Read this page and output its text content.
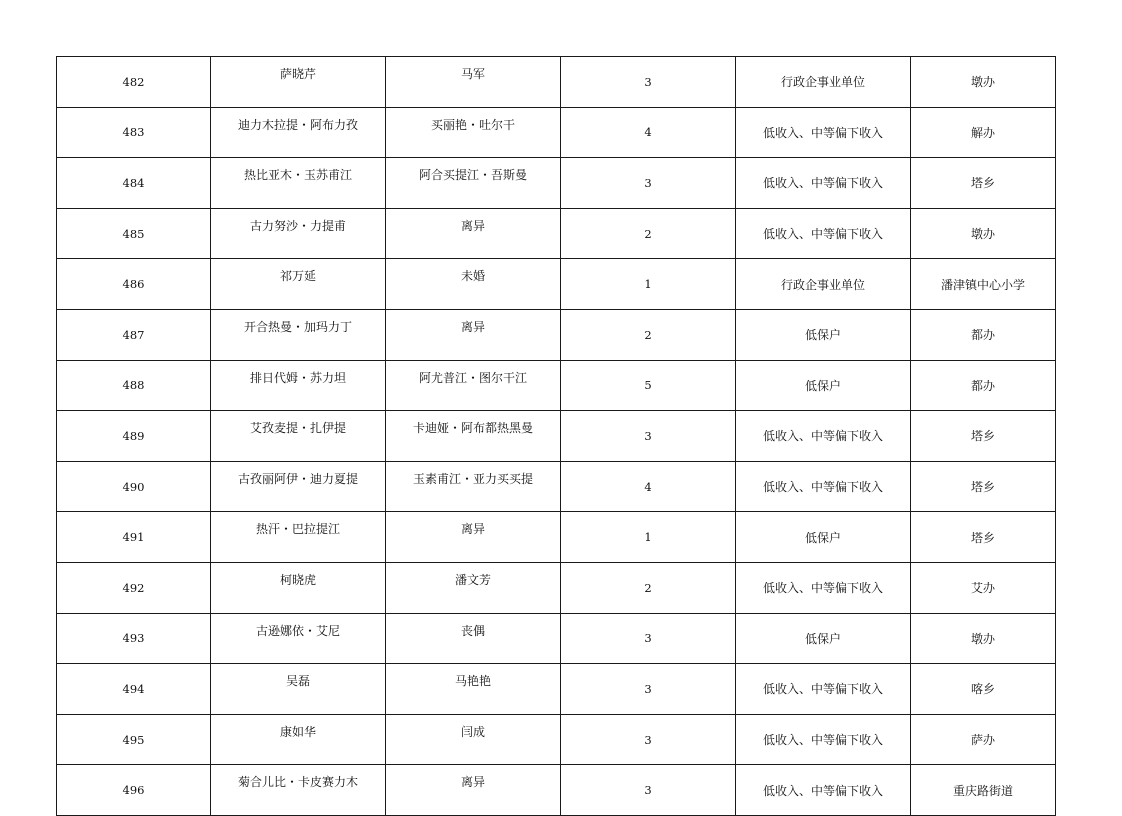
482	萨晓芹	马军	3	行政企事业单位	墩办
483	迪力木拉提・阿布力孜	买丽艳・吐尔干	4	低收入、中等偏下收入	解办
484	热比亚木・玉苏甫江	阿合买提江・吾斯曼	3	低收入、中等偏下收入	塔乡
485	古力努沙・力提甫	离异	2	低收入、中等偏下收入	墩办
486	祁万延	未婚	1	行政企事业单位	潘津镇中心小学
487	开合热曼・加玛力丁	离异	2	低保户	都办
488	排日代姆・苏力坦	阿尤普江・图尔干江	5	低保户	都办
489	艾孜麦提・扎伊提	卡迪娅・阿布都热黑曼	3	低收入、中等偏下收入	塔乡
490	古孜丽阿伊・迪力夏提	玉素甫江・亚力买买提	4	低收入、中等偏下收入	塔乡
491	热汗・巴拉提江	离异	1	低保户	塔乡
492	柯晓虎	潘文芳	2	低收入、中等偏下收入	艾办
493	古逊娜依・艾尼	丧偶	3	低保户	墩办
494	吴磊	马艳艳	3	低收入、中等偏下收入	喀乡
495	康如华	闫成	3	低收入、中等偏下收入	萨办
496	菊合儿比・卡皮赛力木	离异	3	低收入、中等偏下收入	重庆路街道
